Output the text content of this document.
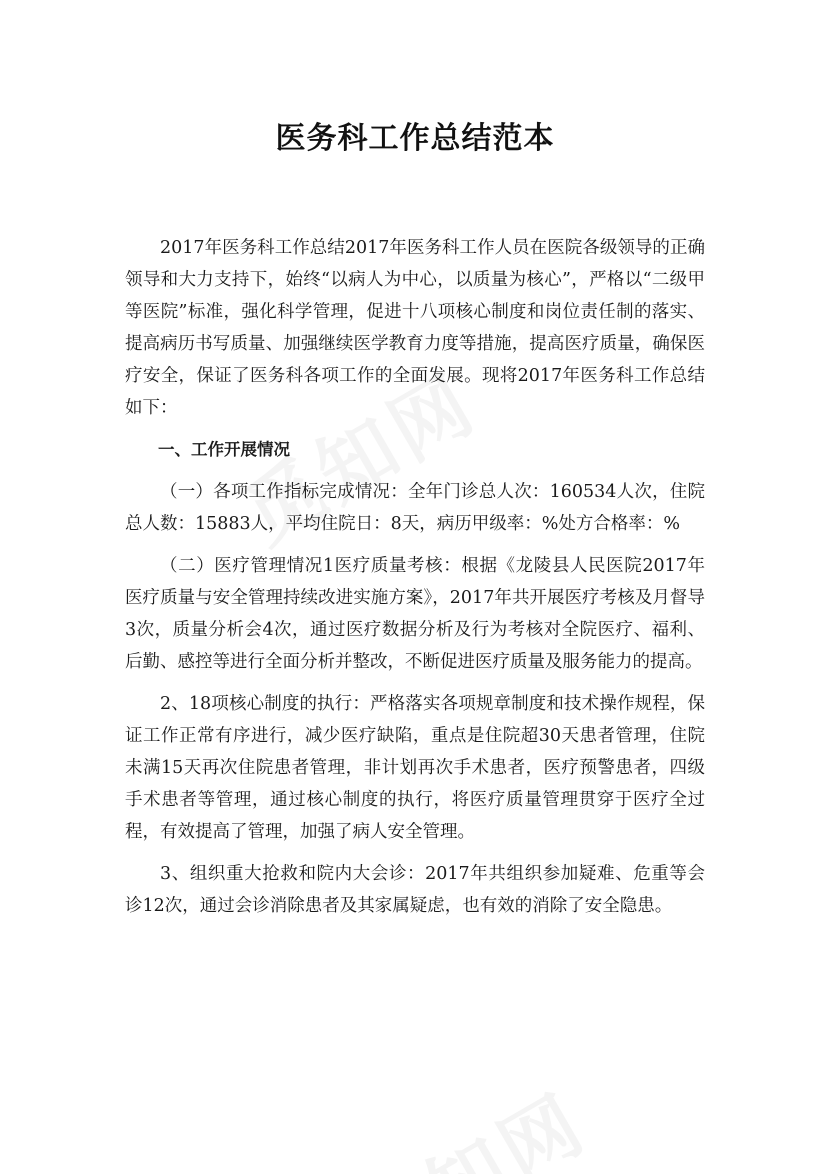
医务科工作总结范本

2017年医务科工作总结2017年医务科工作人员在医院各级领导的正确领导和大力支持下，始终“以病人为中心，以质量为核心”，严格以“二级甲等医院”标准，强化科学管理，促进十八项核心制度和岗位责任制的落实、提高病历书写质量、加强继续医学教育力度等措施，提高医疗质量，确保医疗安全，保证了医务科各项工作的全面发展。现将2017年医务科工作总结如下：

一、工作开展情况

（一）各项工作指标完成情况：全年门诊总人次：160534人次，住院总人数：15883人，平均住院日：8天，病历甲级率：%处方合格率：%

（二）医疗管理情况1医疗质量考核：根据《龙陵县人民医院2017年医疗质量与安全管理持续改进实施方案》，2017年共开展医疗考核及月督导3次，质量分析会4次，通过医疗数据分析及行为考核对全院医疗、福利、后勤、感控等进行全面分析并整改，不断促进医疗质量及服务能力的提高。

2、18项核心制度的执行：严格落实各项规章制度和技术操作规程，保证工作正常有序进行，减少医疗缺陷，重点是住院超30天患者管理，住院未满15天再次住院患者管理，非计划再次手术患者，医疗预警患者，四级手术患者等管理，通过核心制度的执行，将医疗质量管理贯穿于医疗全过程，有效提高了管理，加强了病人安全管理。

3、组织重大抢救和院内大会诊：2017年共组织参加疑难、危重等会诊12次，通过会诊消除患者及其家属疑虑，也有效的消除了安全隐患。
